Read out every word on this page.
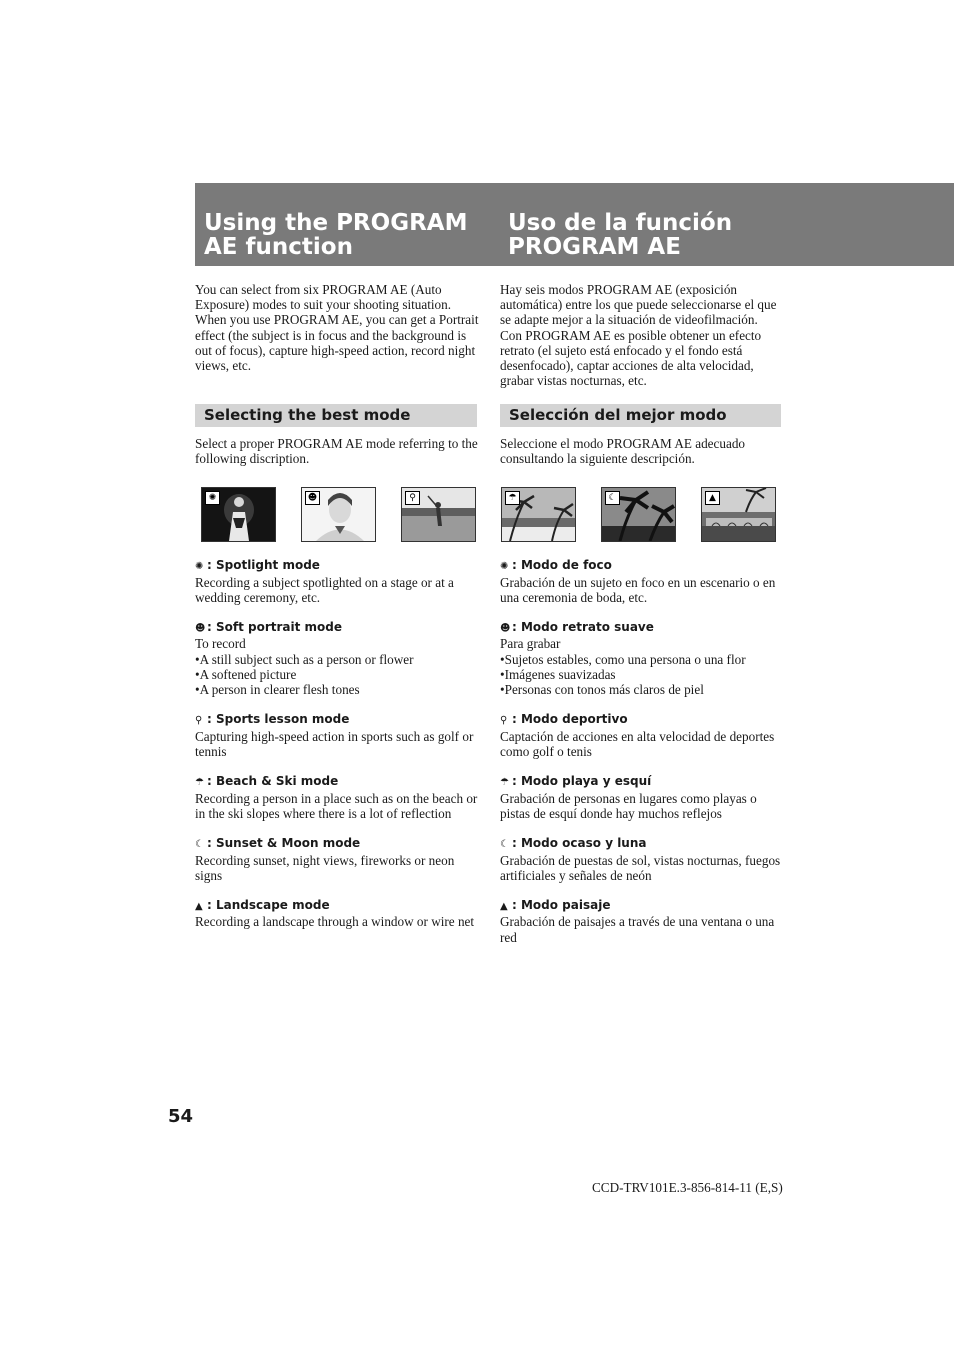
Using the PROGRAM
AE function
Uso de la función
PROGRAM AE

You can select from six PROGRAM AE (Auto Exposure) modes to suit your shooting situation. When you use PROGRAM AE, you can get a Portrait effect (the subject is in focus and the background is out of focus), capture high-speed action, record night views, etc.

Selecting the best mode

Select a proper PROGRAM AE mode referring to the following discription.

Hay seis modos PROGRAM AE (exposición automática) entre los que puede seleccionarse el que se adapte mejor a la situación de videofilmación. Con PROGRAM AE es posible obtener un efecto retrato (el sujeto está enfocado y el fondo está desenfocado), captar acciones de alta velocidad, grabar vistas nocturnas, etc.

Selección del mejor modo

Seleccione el modo PROGRAM AE adecuado consultando la siguiente descripción.

✺	☻	⚲	☂	☾	▲
✺ : Spotlight mode
Recording a subject spotlighted on a stage or at a wedding ceremony, etc.
☻ : Soft portrait mode
To record
•A still subject such as a person or flower
•A softened picture
•A person in clearer flesh tones
⚲ : Sports lesson mode
Capturing high-speed action in sports such as golf or tennis
☂ : Beach & Ski mode
Recording a person in a place such as on the beach or in the ski slopes where there is a lot of reflection
☾ : Sunset & Moon mode
Recording sunset, night views, fireworks or neon signs
▲ : Landscape mode
Recording a landscape through a window or wire net
✺ : Modo de foco
Grabación de un sujeto en foco en un escenario o en una ceremonia de boda, etc.
☻ : Modo retrato suave
Para grabar
•Sujetos estables, como una persona o una flor
•Imágenes suavizadas
•Personas con tonos más claros de piel
⚲ : Modo deportivo
Captación de acciones en alta velocidad de deportes como golf o tenis
☂ : Modo playa y esquí
Grabación de personas en lugares como playas o pistas de esquí donde hay muchos reflejos
☾ : Modo ocaso y luna
Grabación de puestas de sol, vistas nocturnas, fuegos artificiales y señales de neón
▲ : Modo paisaje
Grabación de paisajes a través de una ventana o una red
54
CCD-TRV101E.3-856-814-11 (E,S)
